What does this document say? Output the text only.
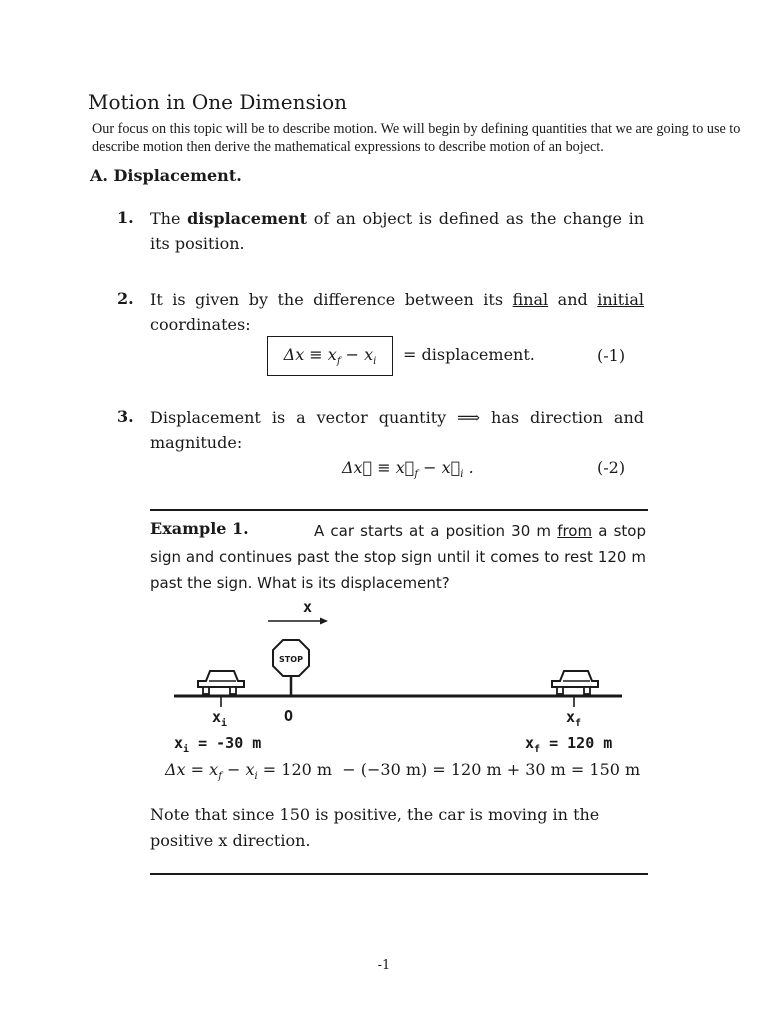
Motion in One Dimension
Our focus on this topic will be to describe motion. We will begin by defining quantities that we are going to use to describe motion then derive the mathematical expressions to describe motion of an boject.
A. Displacement.
1. The displacement of an object is defined as the change in its position.
2. It is given by the difference between its final and initial coordinates:
$\Delta x \equiv x_f - x_i$ = displacement.	(-1)
3. Displacement is a vector quantity ⟹ has direction and magnitude:
Δx⃗ ≡ $x⃗_f$ − $x⃗_i$ .	(-2)
Example 1.	A car starts at a position 30 m from a stop sign and continues past the stop sign until it comes to rest 120 m past the sign. What is its displacement?
x
STOP
$x_i$	O	$x_f$
$x_i = -30$ m	$x_f = 120$ m
$\Delta x = x_f - x_i = 120$ m  − (−30 m) = 120 m + 30 m = 150 m
Note that since 150 is positive, the car is moving in the positive x direction.
-1
